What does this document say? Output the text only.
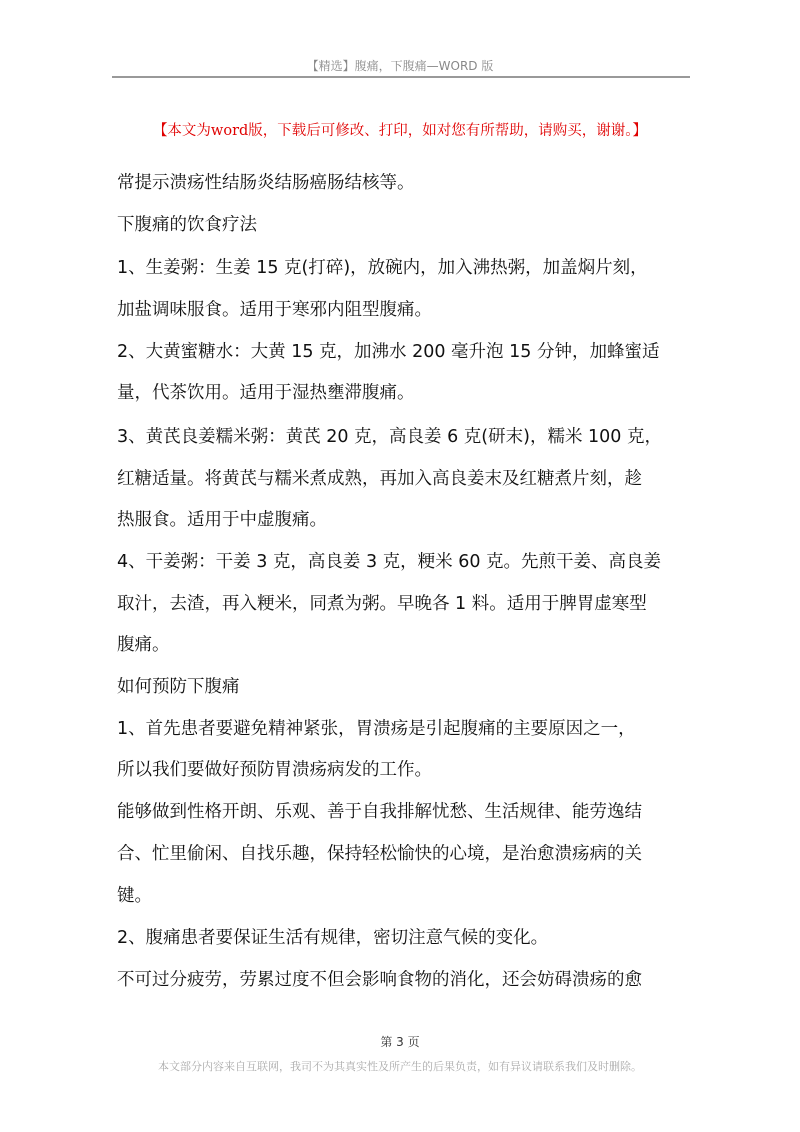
【精选】腹痛，下腹痛—WORD 版
【本文为word版，下载后可修改、打印，如对您有所帮助，请购买，谢谢。】
常提示溃疡性结肠炎结肠癌肠结核等。
下腹痛的饮食疗法
1、生姜粥：生姜 15 克(打碎)，放碗内，加入沸热粥，加盖焖片刻，
加盐调味服食。适用于寒邪内阻型腹痛。
2、大黄蜜糖水：大黄 15 克，加沸水 200 毫升泡 15 分钟，加蜂蜜适
量，代茶饮用。适用于湿热壅滞腹痛。
3、黄芪良姜糯米粥：黄芪 20 克，高良姜 6 克(研末)，糯米 100 克，
红糖适量。将黄芪与糯米煮成熟，再加入高良姜末及红糖煮片刻，趁
热服食。适用于中虚腹痛。
4、干姜粥：干姜 3 克，高良姜 3 克，粳米 60 克。先煎干姜、高良姜
取汁，去渣，再入粳米，同煮为粥。早晚各 1 料。适用于脾胃虚寒型
腹痛。
如何预防下腹痛
1、首先患者要避免精神紧张，胃溃疡是引起腹痛的主要原因之一，
所以我们要做好预防胃溃疡病发的工作。
能够做到性格开朗、乐观、善于自我排解忧愁、生活规律、能劳逸结
合、忙里偷闲、自找乐趣，保持轻松愉快的心境，是治愈溃疡病的关
键。
2、腹痛患者要保证生活有规律，密切注意气候的变化。
不可过分疲劳，劳累过度不但会影响食物的消化，还会妨碍溃疡的愈
第 3 页
本文部分内容来自互联网，我司不为其真实性及所产生的后果负责，如有异议请联系我们及时删除。
